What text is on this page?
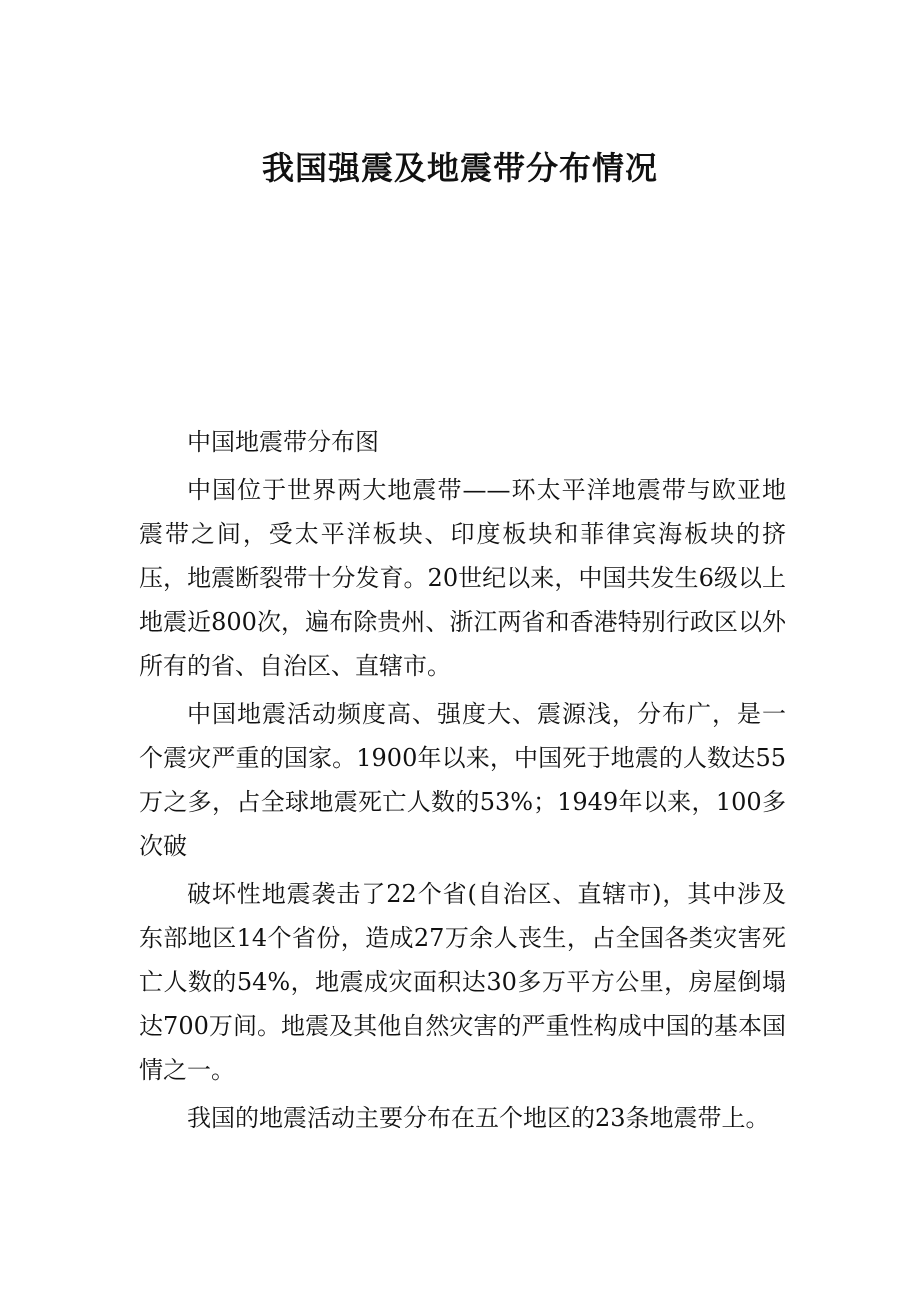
我国强震及地震带分布情况

中国地震带分布图

中国位于世界两大地震带——环太平洋地震带与欧亚地震带之间，受太平洋板块、印度板块和菲律宾海板块的挤压，地震断裂带十分发育。20世纪以来，中国共发生6级以上地震近800次，遍布除贵州、浙江两省和香港特别行政区以外所有的省、自治区、直辖市。

中国地震活动频度高、强度大、震源浅，分布广，是一个震灾严重的国家。1900年以来，中国死于地震的人数达55万之多，占全球地震死亡人数的53%；1949年以来，100多次破

破坏性地震袭击了22个省(自治区、直辖市)，其中涉及东部地区14个省份，造成27万余人丧生，占全国各类灾害死亡人数的54%，地震成灾面积达30多万平方公里，房屋倒塌达700万间。地震及其他自然灾害的严重性构成中国的基本国情之一。

我国的地震活动主要分布在五个地区的23条地震带上。
